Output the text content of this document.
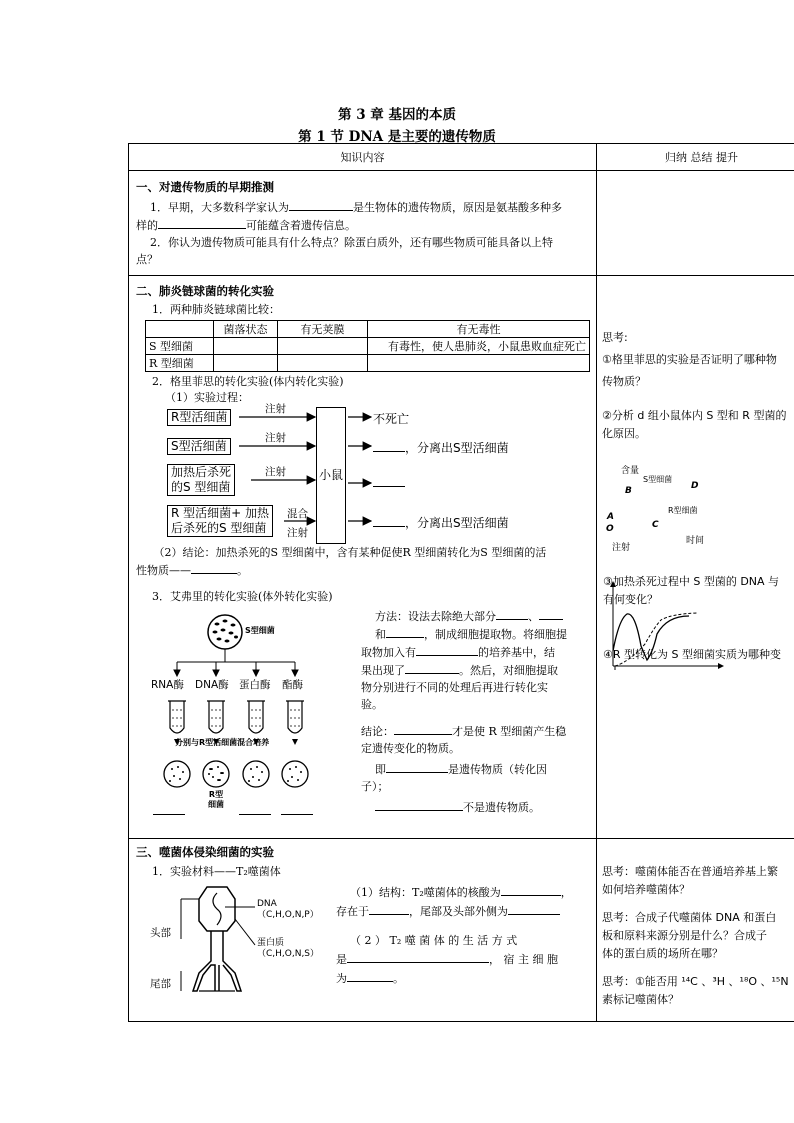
第 3 章 基因的本质
第 1 节 DNA 是主要的遗传物质
知识内容	归纳 总结 提升

一、对遗传物质的早期推测
1．早期，大多数科学家认为	是生物体的遗传物质，原因是氨基酸多种多
样的	可能蕴含着遗传信息。
2．你认为遗传物质可能具有什么特点？除蛋白质外，还有哪些物质可能具备以上特
点？

二、肺炎链球菌的转化实验
1．两种肺炎链球菌比较：
	菌落状态	有无荚膜	有无毒性
S 型细菌			有毒性，使人患肺炎，小鼠患败血症死亡
R 型细菌			
2．格里菲思的转化实验(体内转化实验)
（1）实验过程：
R型活细菌
S型活细菌
加热后杀死
的S 型细菌
R 型活细菌+ 加热
后杀死的S 型细菌
小鼠
注射
注射
注射
混合
注射
不死亡
，分离出S型活细菌
，分离出S型活细菌
（2）结论：加热杀死的S 型细菌中，含有某种促使R 型细菌转化为S 型细菌的活
性物质——	。
3．艾弗里的转化实验(体外转化实验)
S型细菌
RNA酶 DNA酶 蛋白酶 酯酶
分别与R型活细菌混合培养
R型
细菌
方法：设法去除绝大部分	、
和	，制成细胞提取物。将细胞提
取物加入有	的培养基中，结
果出现了	。然后，对细胞提取
物分别进行不同的处理后再进行转化实
验。
结论：	才是使 R 型细菌产生稳
定遗传变化的物质。
即	是遗传物质（转化因
子）；
不是遗传物质。

思考:
①格里菲思的实验是否证明了哪种物
传物质？
②分析 d 组小鼠体内 S 型和 R 型菌的
化原因。

三、噬菌体侵染细菌的实验
1．实验材料——T₂噬菌体
头部
尾部
DNA
（C,H,O,N,P）
蛋白质
（C,H,O,N,S）
（1）结构：T₂噬菌体的核酸为	，
存在于	，尾部及头部外侧为
（ 2 ） T₂ 噬 菌 体 的 生 活 方 式
是	， 宿 主 细 胞
为	。

思考：噬菌体能否在普通培养基上繁
如何培养噬菌体？
思考：合成子代噬菌体 DNA 和蛋白
板和原料来源分别是什么？合成子
体的蛋白质的场所在哪？
思考：①能否用 ¹⁴C 、³H 、¹⁸O 、¹⁵N
素标记噬菌体？
③加热杀死过程中 S 型菌的 DNA 与
有何变化？
④R 型转化为 S 型细菌实质为哪种变
含量
时间
注射
S型细菌
R型细菌
A
B
C
D
O
